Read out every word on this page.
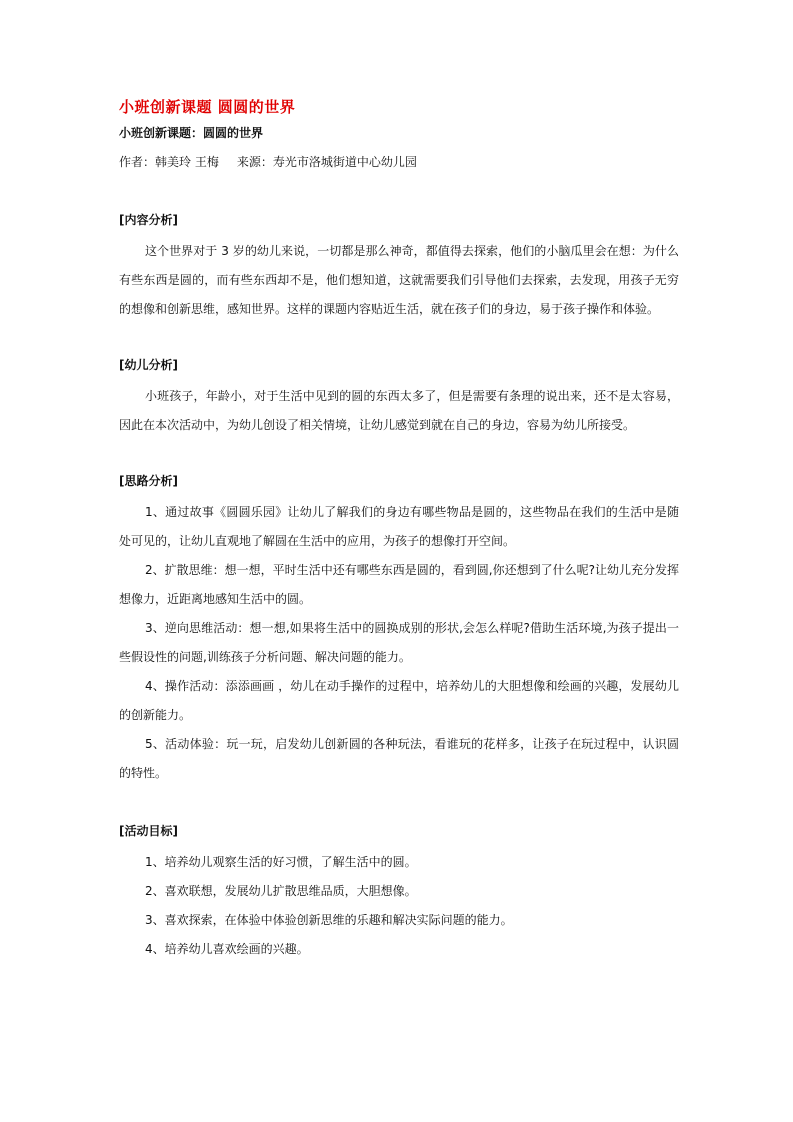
小班创新课题 圆圆的世界
小班创新课题：圆圆的世界
作者：韩美玲 王梅 来源：寿光市洛城街道中心幼儿园
[内容分析]

这个世界对于 3 岁的幼儿来说，一切都是那么神奇，都值得去探索，他们的小脑瓜里会在想：为什么有些东西是圆的，而有些东西却不是，他们想知道，这就需要我们引导他们去探索，去发现，用孩子无穷的想像和创新思维，感知世界。这样的课题内容贴近生活，就在孩子们的身边，易于孩子操作和体验。

[幼儿分析]

小班孩子，年龄小，对于生活中见到的圆的东西太多了，但是需要有条理的说出来，还不是太容易，因此在本次活动中，为幼儿创设了相关情境，让幼儿感觉到就在自己的身边，容易为幼儿所接受。

[思路分析]

1、通过故事《圆圆乐园》让幼儿了解我们的身边有哪些物品是圆的，这些物品在我们的生活中是随处可见的，让幼儿直观地了解圆在生活中的应用，为孩子的想像打开空间。

2、扩散思维：想一想，平时生活中还有哪些东西是圆的，看到圆,你还想到了什么呢?让幼儿充分发挥想像力，近距离地感知生活中的圆。

3、逆向思维活动：想一想,如果将生活中的圆换成别的形状,会怎么样呢?借助生活环境,为孩子提出一些假设性的问题,训练孩子分析问题、解决问题的能力。

4、操作活动：添添画画 ，幼儿在动手操作的过程中，培养幼儿的大胆想像和绘画的兴趣，发展幼儿的创新能力。

5、活动体验：玩一玩，启发幼儿创新圆的各种玩法，看谁玩的花样多，让孩子在玩过程中，认识圆的特性。

[活动目标]

1、培养幼儿观察生活的好习惯，了解生活中的圆。

2、喜欢联想，发展幼儿扩散思维品质，大胆想像。

3、喜欢探索，在体验中体验创新思维的乐趣和解决实际问题的能力。

4、培养幼儿喜欢绘画的兴趣。
